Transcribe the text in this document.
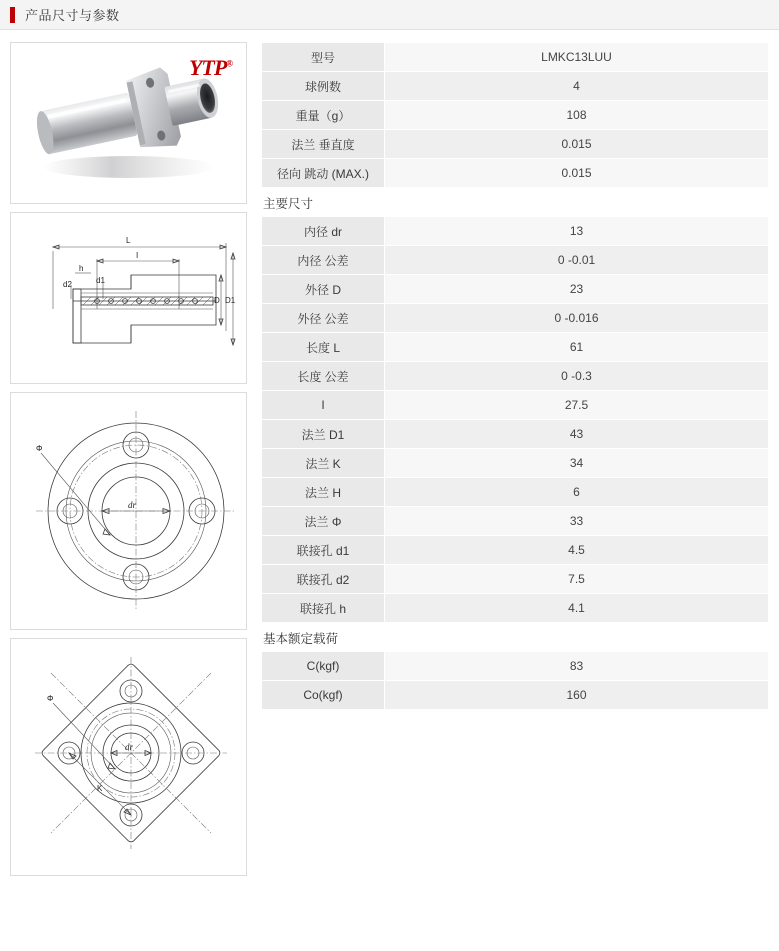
产品尺寸与参数
YTP®
L
I
h
d2	d1
D D1
dr
Φ
dr
Φ
K
型号	LMKC13LUU
球例数	4
重量（g）	108
法兰 垂直度	0.015
径向 跳动 (MAX.)	0.015
主要尺寸
内径 dr	13
内径 公差	0 -0.01
外径 D	23
外径 公差	0 -0.016
长度 L	61
长度 公差	0 -0.3
I	27.5
法兰 D1	43
法兰 K	34
法兰 H	6
法兰 Φ	33
联接孔 d1	4.5
联接孔 d2	7.5
联接孔 h	4.1
基本额定载荷
C(kgf)	83
Co(kgf)	160
